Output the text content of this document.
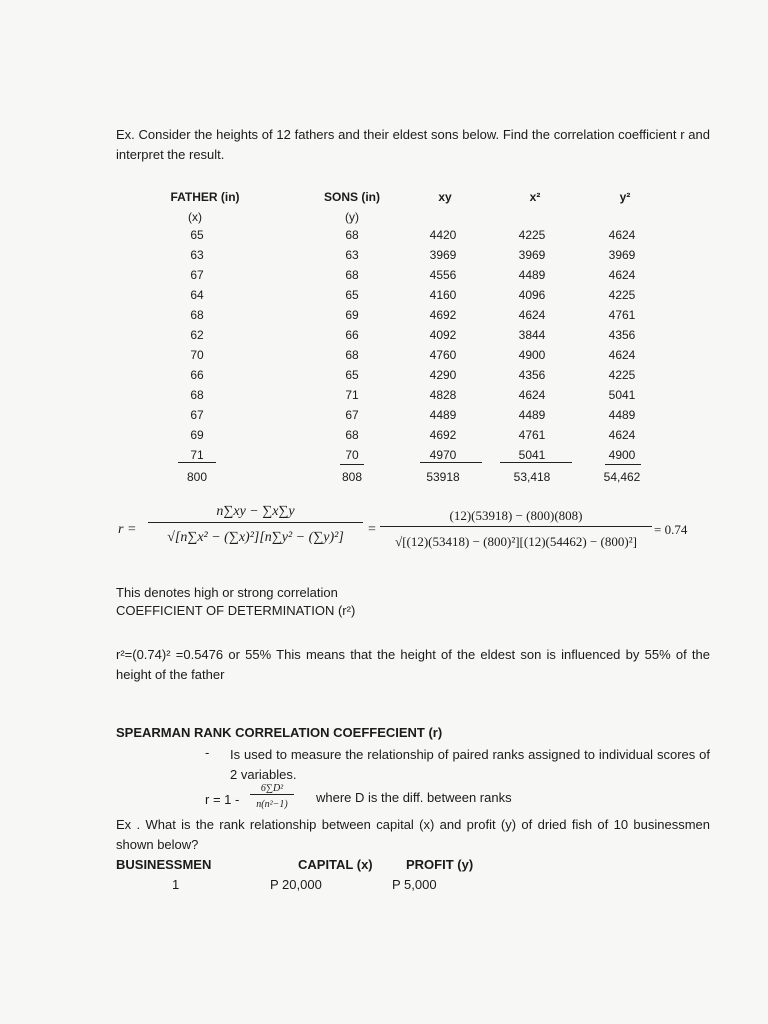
Ex. Consider the heights of 12 fathers and their eldest sons below. Find the correlation coefficient r and interpret the result.
FATHER (in)	SONS (in)	xy	x²	y²
(x)	(y)
65	68	4420	4225	4624
63	63	3969	3969	3969
67	68	4556	4489	4624
64	65	4160	4096	4225
68	69	4692	4624	4761
62	66	4092	3844	4356
70	68	4760	4900	4624
66	65	4290	4356	4225
68	71	4828	4624	5041
67	67	4489	4489	4489
69	68	4692	4761	4624
71	70	4970	5041	4900
800	808	53918	53,418	54,462
r =
n∑xy − ∑x∑y
√[n∑x² − (∑x)²][n∑y² − (∑y)²]
=
(12)(53918) − (800)(808)
√[(12)(53418) − (800)²][(12)(54462) − (800)²]
= 0.74
This denotes high or strong correlation
COEFFICIENT OF DETERMINATION (r²)
r²=(0.74)² =0.5476 or 55% This means that the height of the eldest son is influenced by 55% of the height of the father
SPEARMAN RANK CORRELATION COEFFECIENT (r)
- Is used to measure the relationship of paired ranks assigned to individual scores of 2 variables.
r = 1 -
6∑D²
n(n²−1)	where D is the diff. between ranks
Ex . What is the rank relationship between capital (x) and profit (y) of dried fish of 10 businessmen shown below?
BUSINESSMEN	CAPITAL (x)	PROFIT (y)
1	P 20,000	P 5,000
